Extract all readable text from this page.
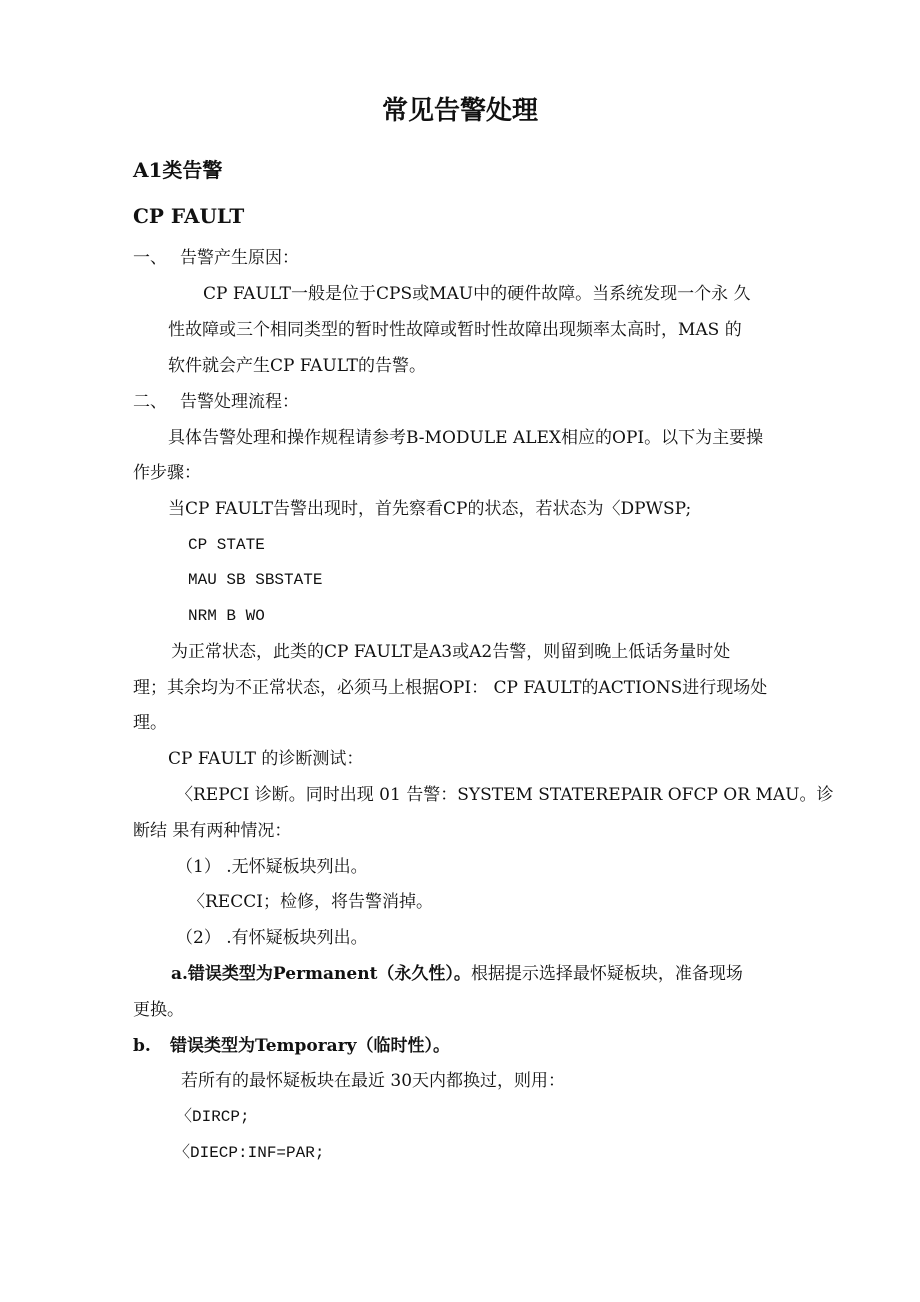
常见告警处理
A1类告警
CP FAULT
一、 告警产生原因：
CP FAULT一般是位于CPS或MAU中的硬件故障。当系统发现一个永 久
性故障或三个相同类型的暂时性故障或暂时性故障出现频率太高时，MAS 的
软件就会产生CP FAULT的告警。
二、 告警处理流程：
具体告警处理和操作规程请参考B-MODULE ALEX相应的OPI。以下为主要操
作步骤：
当CP FAULT告警出现时，首先察看CP的状态，若状态为〈DPWSP;
CP STATE
MAU SB SBSTATE
NRM B WO
为正常状态，此类的CP FAULT是A3或A2告警，则留到晚上低话务量时处
理；其余均为不正常状态，必须马上根据OPI： CP FAULT的ACTIONS进行现场处
理。
CP FAULT 的诊断测试：
〈REPCI 诊断。同时出现 01 告警：SYSTEM STATEREPAIR OFCP OR MAU。诊
断结 果有两种情况：
（1） .无怀疑板块列出。
〈RECCI；检修，将告警消掉。
（2） .有怀疑板块列出。
a.错误类型为Permanent（永久性）。根据提示选择最怀疑板块，准备现场
更换。
b. 错误类型为Temporary（临时性）。
若所有的最怀疑板块在最近 30天内都换过，则用：
〈DIRCP;
〈DIECP:INF=PAR;
